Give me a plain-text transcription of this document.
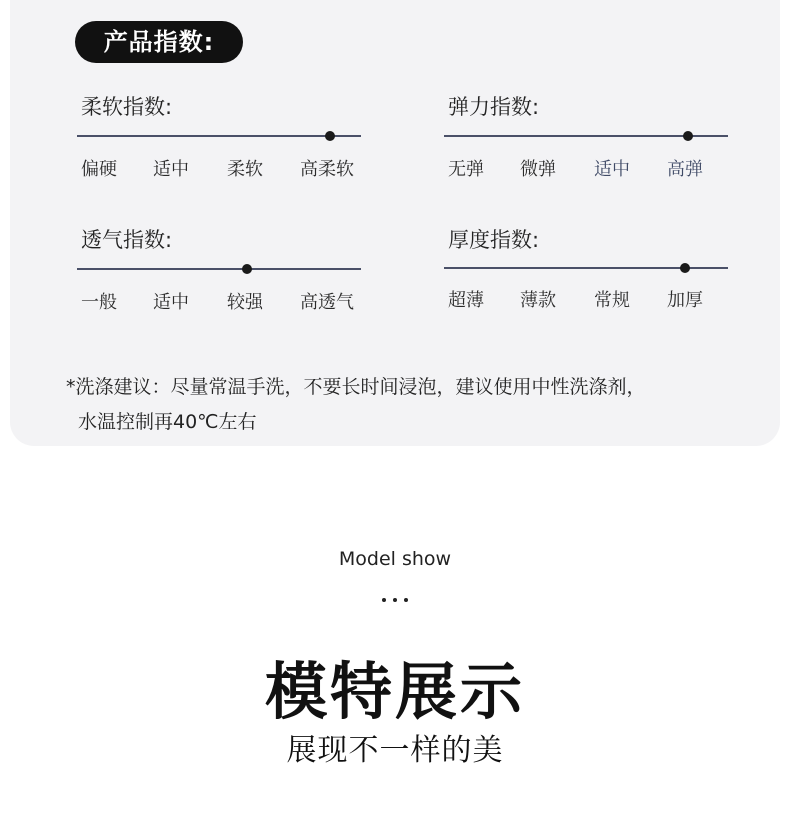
产品指数:
柔软指数:
偏硬 适中 柔软 高柔软
弹力指数:
无弹 微弹 适中 高弹
透气指数:
一般 适中 较强 高透气
厚度指数:
超薄 薄款 常规 加厚
*洗涤建议：尽量常温手洗，不要长时间浸泡，建议使用中性洗涤剂，
水温控制再40℃左右
Model show
模特展示
展现不一样的美
